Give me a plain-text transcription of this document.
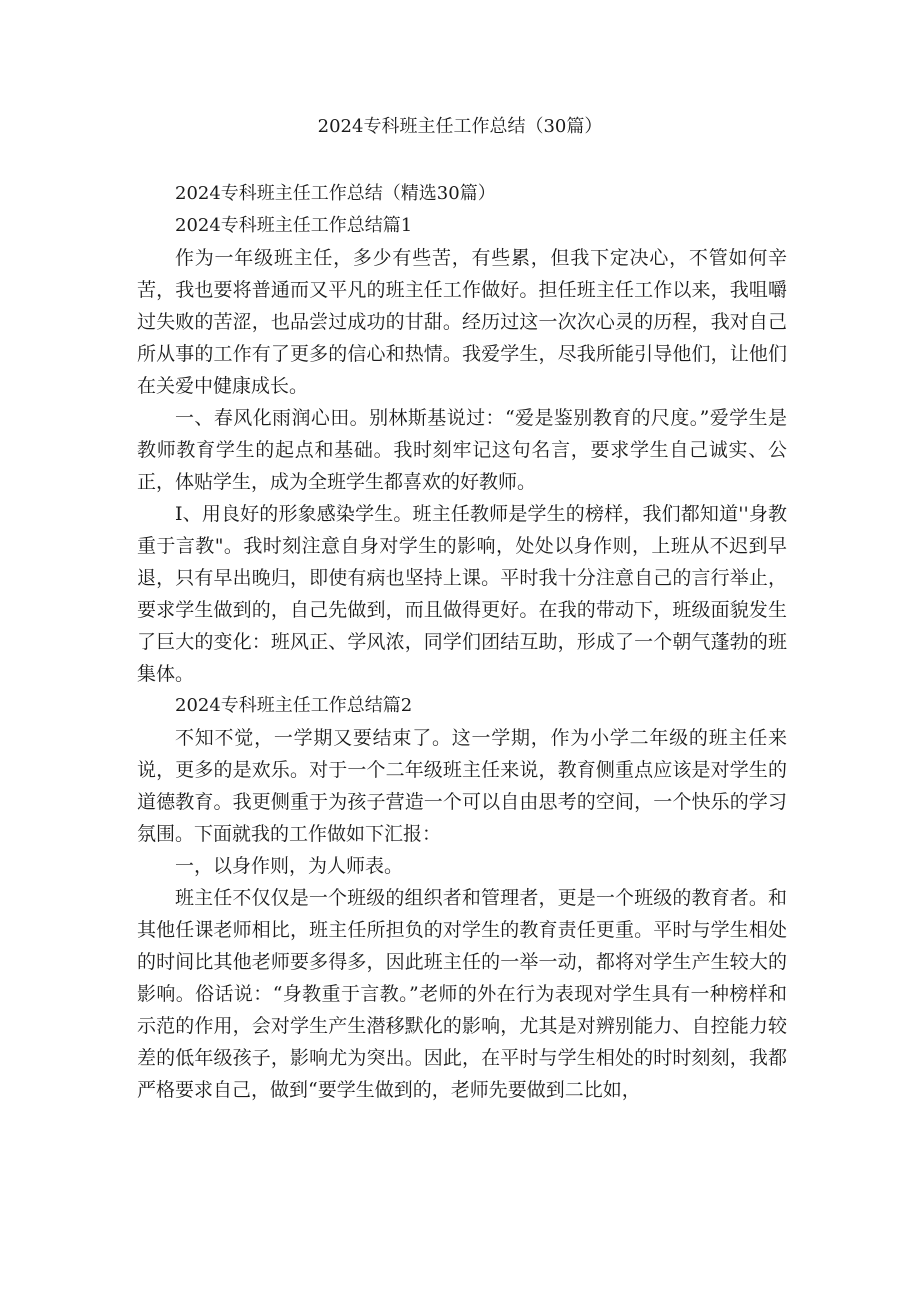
2024专科班主任工作总结（30篇）

2024专科班主任工作总结（精选30篇）

2024专科班主任工作总结篇1

作为一年级班主任，多少有些苦，有些累，但我下定决心，不管如何辛苦，我也要将普通而又平凡的班主任工作做好。担任班主任工作以来，我咀嚼过失败的苦涩，也品尝过成功的甘甜。经历过这一次次心灵的历程，我对自己所从事的工作有了更多的信心和热情。我爱学生，尽我所能引导他们，让他们在关爱中健康成长。

一、春风化雨润心田。别林斯基说过：“爱是鉴别教育的尺度。”爱学生是教师教育学生的起点和基础。我时刻牢记这句名言，要求学生自己诚实、公正，体贴学生，成为全班学生都喜欢的好教师。

I、用良好的形象感染学生。班主任教师是学生的榜样，我们都知道''身教重于言教"。我时刻注意自身对学生的影响，处处以身作则，上班从不迟到早退，只有早出晚归，即使有病也坚持上课。平时我十分注意自己的言行举止，要求学生做到的，自己先做到，而且做得更好。在我的带动下，班级面貌发生了巨大的变化：班风正、学风浓，同学们团结互助，形成了一个朝气蓬勃的班集体。

2024专科班主任工作总结篇2

不知不觉，一学期又要结束了。这一学期，作为小学二年级的班主任来说，更多的是欢乐。对于一个二年级班主任来说，教育侧重点应该是对学生的道德教育。我更侧重于为孩子营造一个可以自由思考的空间，一个快乐的学习氛围。下面就我的工作做如下汇报：

一，以身作则，为人师表。

班主任不仅仅是一个班级的组织者和管理者，更是一个班级的教育者。和其他任课老师相比，班主任所担负的对学生的教育责任更重。平时与学生相处的时间比其他老师要多得多，因此班主任的一举一动，都将对学生产生较大的影响。俗话说：“身教重于言教。”老师的外在行为表现对学生具有一种榜样和示范的作用，会对学生产生潜移默化的影响，尤其是对辨别能力、自控能力较差的低年级孩子，影响尤为突出。因此，在平时与学生相处的时时刻刻，我都严格要求自己，做到“要学生做到的，老师先要做到二比如，
